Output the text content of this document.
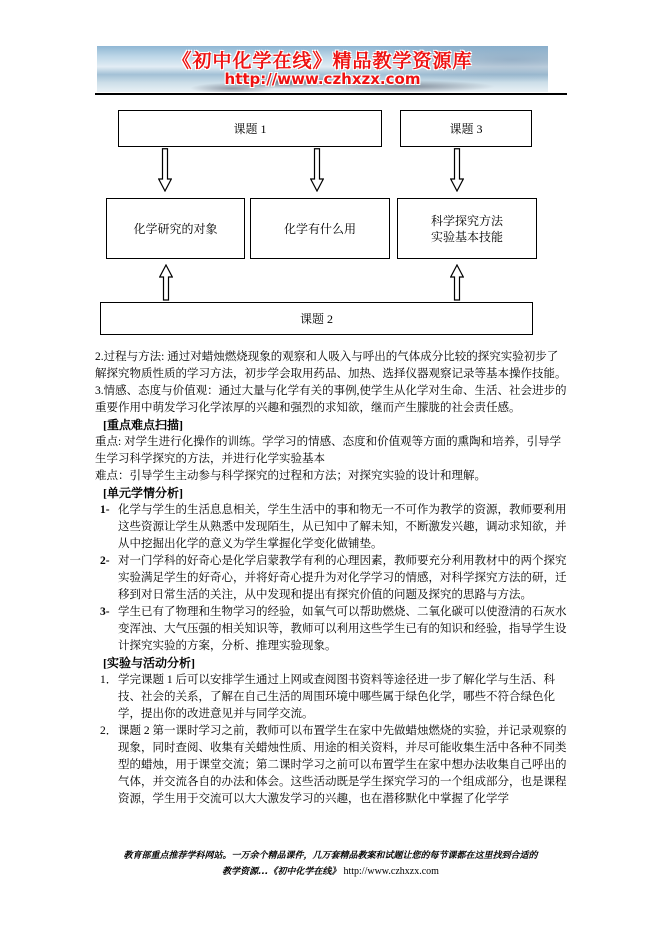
《初中化学在线》精品教学资源库
http://www.czhxzx.com
课题 1	课题 3
化学研究的对象	化学有什么用
科学探究方法
实验基本技能
课题 2

2.过程与方法: 通过对蜡烛燃烧现象的观察和人吸入与呼出的气体成分比较的探究实验初步了解探究物质性质的学习方法，初步学会取用药品、加热、选择仪器观察记录等基本操作技能。

3.情感、态度与价值观：通过大量与化学有关的事例,使学生从化学对生命、生活、社会进步的重要作用中萌发学习化学浓厚的兴趣和强烈的求知欲，继而产生朦胧的社会责任感。

[重点难点扫描]

重点: 对学生进行化操作的训练。学学习的情感、态度和价值观等方面的熏陶和培养，引导学生学习科学探究的方法，并进行化学实验基本

难点：引导学生主动参与科学探究的过程和方法；对探究实验的设计和理解。

[单元学情分析]

1- 化学与学生的生活息息相关，学生生活中的事和物无一不可作为教学的资源，教师要利用这些资源让学生从熟悉中发现陌生，从已知中了解未知，不断激发兴趣，调动求知欲，并从中挖掘出化学的意义为学生掌握化学变化做铺垫。
2- 对一门学科的好奇心是化学启蒙教学有利的心理因素，教师要充分利用教材中的两个探究实验满足学生的好奇心，并将好奇心提升为对化学学习的情感，对科学探究方法的研，迁移到对日常生活的关注，从中发现和提出有探究价值的问题及探究的思路与方法。
3- 学生已有了物理和生物学习的经验，如氧气可以帮助燃烧、二氧化碳可以使澄清的石灰水变浑浊、大气压强的相关知识等，教师可以利用这些学生已有的知识和经验，指导学生设计探究实验的方案，分析、推理实验现象。

[实验与活动分析]

1． 学完课题 1 后可以安排学生通过上网或查阅图书资料等途径进一步了解化学与生活、科技、社会的关系，了解在自己生活的周围环境中哪些属于绿色化学，哪些不符合绿色化学，提出你的改进意见并与同学交流。
2． 课题 2 第一课时学习之前，教师可以布置学生在家中先做蜡烛燃烧的实验，并记录观察的现象，同时查阅、收集有关蜡烛性质、用途的相关资料，并尽可能收集生活中各种不同类型的蜡烛，用于课堂交流；第二课时学习之前可以布置学生在家中想办法收集自己呼出的气体，并交流各自的办法和体会。这些活动既是学生探究学习的一个组成部分，也是课程资源，学生用于交流可以大大激发学习的兴趣，也在潜移默化中掌握了化学学
教育部重点推荐学科网站。一万余个精品课件，几万套精品教案和试题让您的每节课都在这里找到合适的
教学资源...《初中化学在线》 http://www.czhxzx.com
